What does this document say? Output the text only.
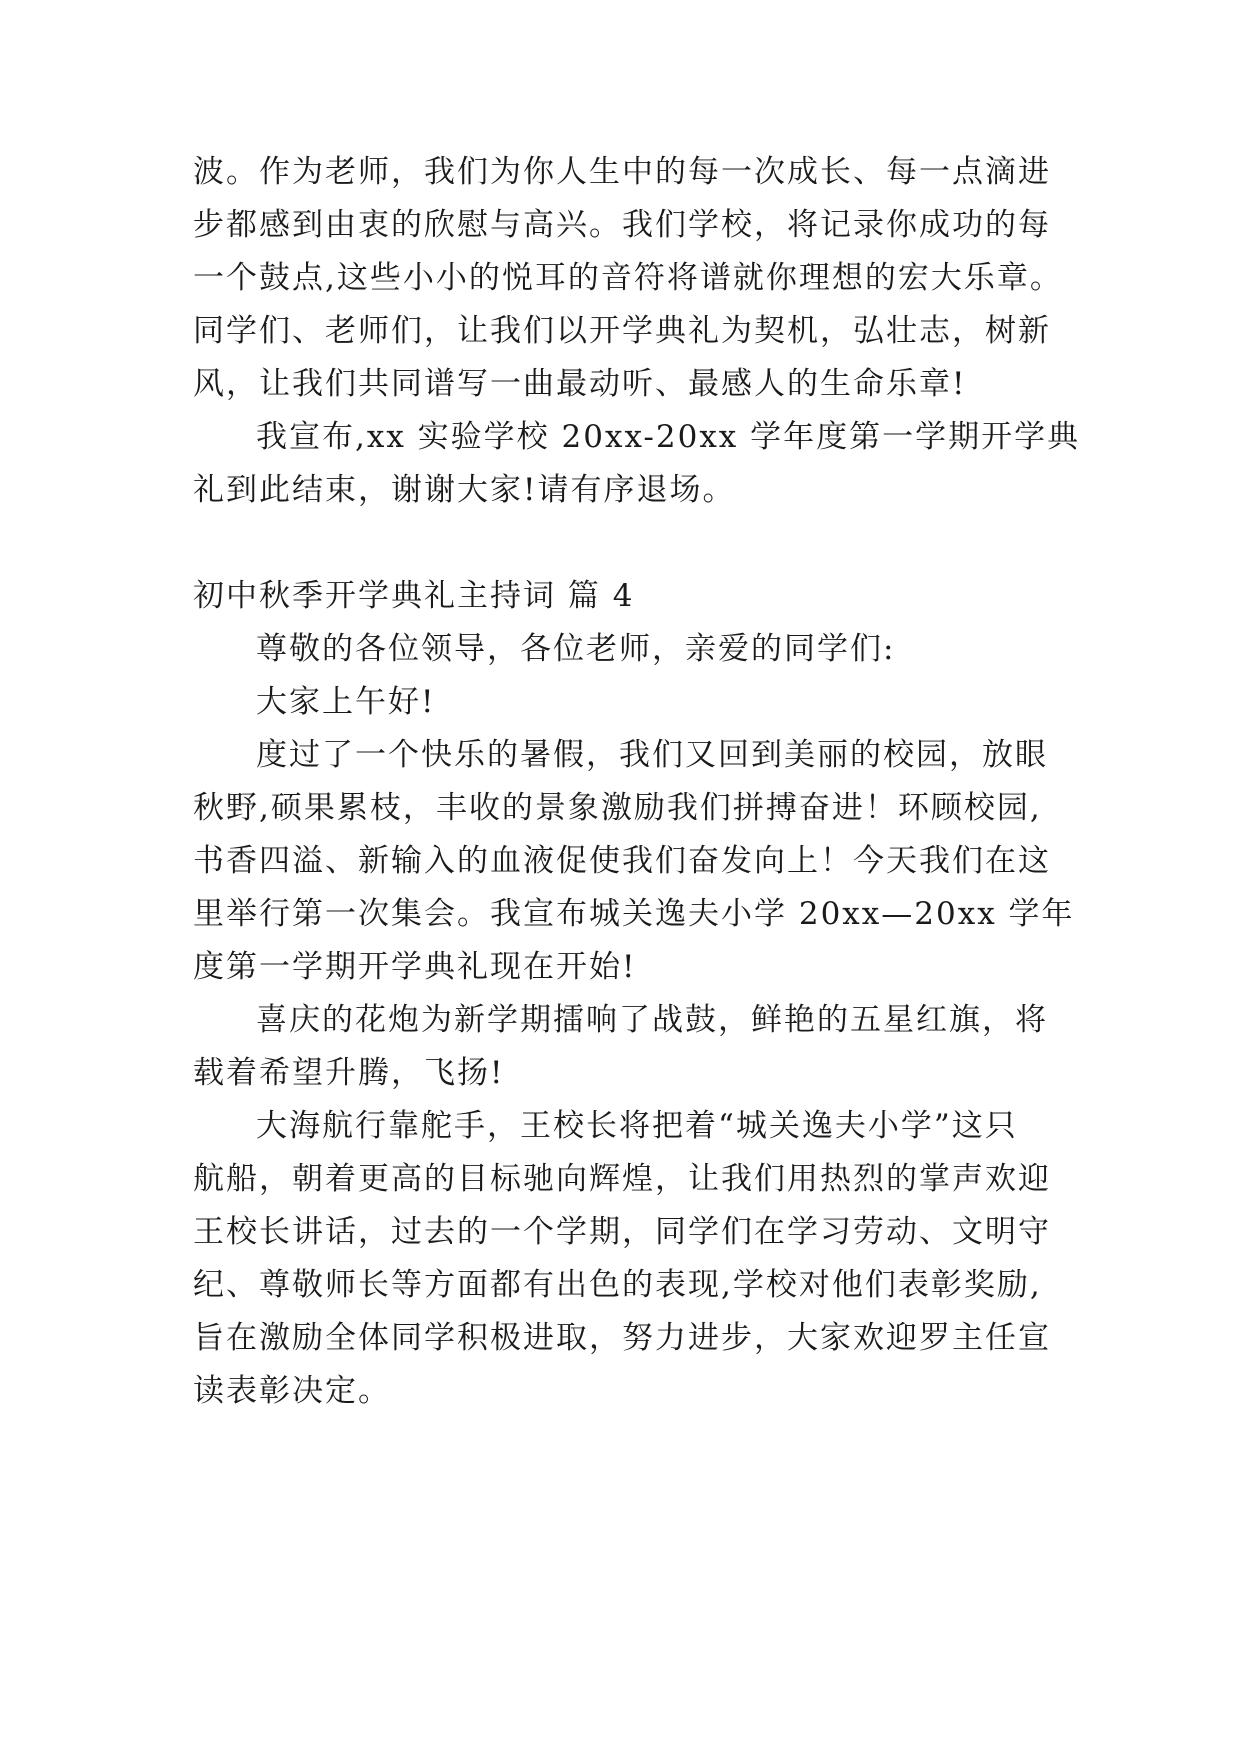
波。作为老师，我们为你人生中的每一次成长、每一点滴进
步都感到由衷的欣慰与高兴。我们学校，将记录你成功的每
一个鼓点,这些小小的悦耳的音符将谱就你理想的宏大乐章。
同学们、老师们，让我们以开学典礼为契机，弘壮志，树新
风，让我们共同谱写一曲最动听、最感人的生命乐章!
我宣布,xx 实验学校 20xx-20xx 学年度第一学期开学典
礼到此结束，谢谢大家!请有序退场。
初中秋季开学典礼主持词 篇 4
尊敬的各位领导，各位老师，亲爱的同学们:
大家上午好!
度过了一个快乐的暑假，我们又回到美丽的校园，放眼
秋野,硕果累枝，丰收的景象激励我们拼搏奋进！环顾校园,
书香四溢、新输入的血液促使我们奋发向上！今天我们在这
里举行第一次集会。我宣布城关逸夫小学 20xx—20xx 学年
度第一学期开学典礼现在开始!
喜庆的花炮为新学期擂响了战鼓，鲜艳的五星红旗，将
载着希望升腾，飞扬!
大海航行靠舵手，王校长将把着“城关逸夫小学”这只
航船，朝着更高的目标驰向辉煌，让我们用热烈的掌声欢迎
王校长讲话，过去的一个学期，同学们在学习劳动、文明守
纪、尊敬师长等方面都有出色的表现,学校对他们表彰奖励,
旨在激励全体同学积极进取，努力进步，大家欢迎罗主任宣
读表彰决定。
